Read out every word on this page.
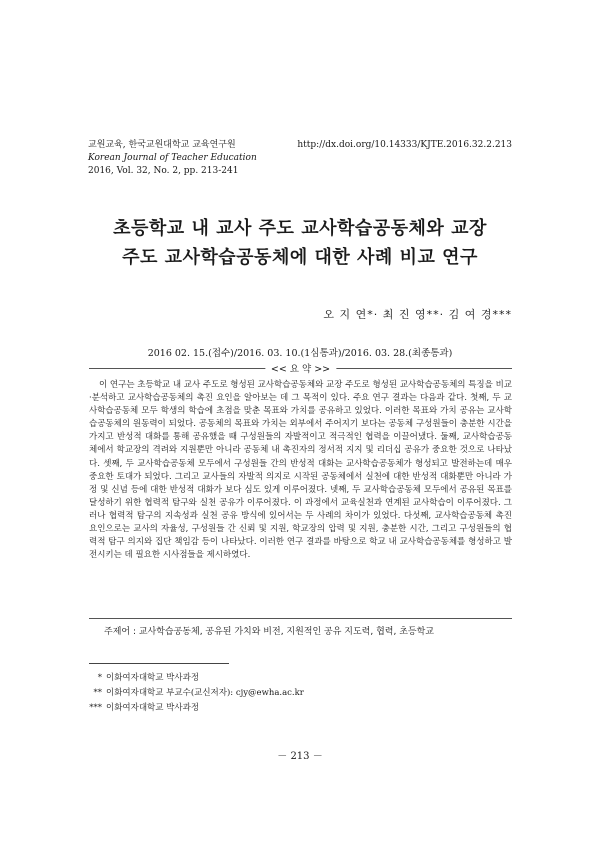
교원교육, 한국교원대학교 교육연구원
Korean Journal of Teacher Education
2016, Vol. 32, No. 2, pp. 213-241
http://dx.doi.org/10.14333/KJTE.2016.32.2.213
초등학교 내 교사 주도 교사학습공동체와 교장
주도 교사학습공동체에 대한 사례 비교 연구
오 지 연*· 최 진 영**· 김 여 경***
2016 02. 15.(접수)/2016. 03. 10.(1심통과)/2016. 03. 28.(최종통과)
<< 요 약 >>
이 연구는 초등학교 내 교사 주도로 형성된 교사학습공동체와 교장 주도로 형성된 교사학습공동체의 특징을 비교·분석하고 교사학습공동체의 촉진 요인을 알아보는 데 그 목적이 있다. 주요 연구 결과는 다음과 같다. 첫째, 두 교사학습공동체 모두 학생의 학습에 초점을 맞춘 목표와 가치를 공유하고 있었다. 이러한 목표와 가치 공유는 교사학습공동체의 원동력이 되었다. 공동체의 목표와 가치는 외부에서 주어지기 보다는 공동체 구성원들이 충분한 시간을 가지고 반성적 대화를 통해 공유했을 때 구성원들의 자발적이고 적극적인 협력을 이끌어냈다. 둘째, 교사학습공동체에서 학교장의 격려와 지원뿐만 아니라 공동체 내 촉진자의 정서적 지지 및 리더십 공유가 중요한 것으로 나타났다. 셋째, 두 교사학습공동체 모두에서 구성원들 간의 반성적 대화는 교사학습공동체가 형성되고 발전하는데 매우 중요한 토대가 되었다. 그리고 교사들의 자발적 의지로 시작된 공동체에서 실천에 대한 반성적 대화뿐만 아니라 가정 및 신념 등에 대한 반성적 대화가 보다 심도 있게 이루어졌다. 넷째, 두 교사학습공동체 모두에서 공유된 목표를 달성하기 위한 협력적 탐구와 실천 공유가 이루어졌다. 이 과정에서 교육실천과 연계된 교사학습이 이루어졌다. 그러나 협력적 탐구의 지속성과 실천 공유 방식에 있어서는 두 사례의 차이가 있었다. 다섯째, 교사학습공동체 촉진 요인으로는 교사의 자율성, 구성원들 간 신뢰 및 지원, 학교장의 압력 및 지원, 충분한 시간, 그리고 구성원들의 협력적 탐구 의지와 집단 책임감 등이 나타났다. 이러한 연구 결과를 바탕으로 학교 내 교사학습공동체를 형성하고 발전시키는 데 필요한 시사점들을 제시하였다.
주제어 : 교사학습공동체, 공유된 가치와 비전, 지원적인 공유 지도력, 협력, 초등학교
* 이화여자대학교 박사과정
** 이화여자대학교 부교수(교신저자): cjy@ewha.ac.kr
*** 이화여자대학교 박사과정
－ 213 －
